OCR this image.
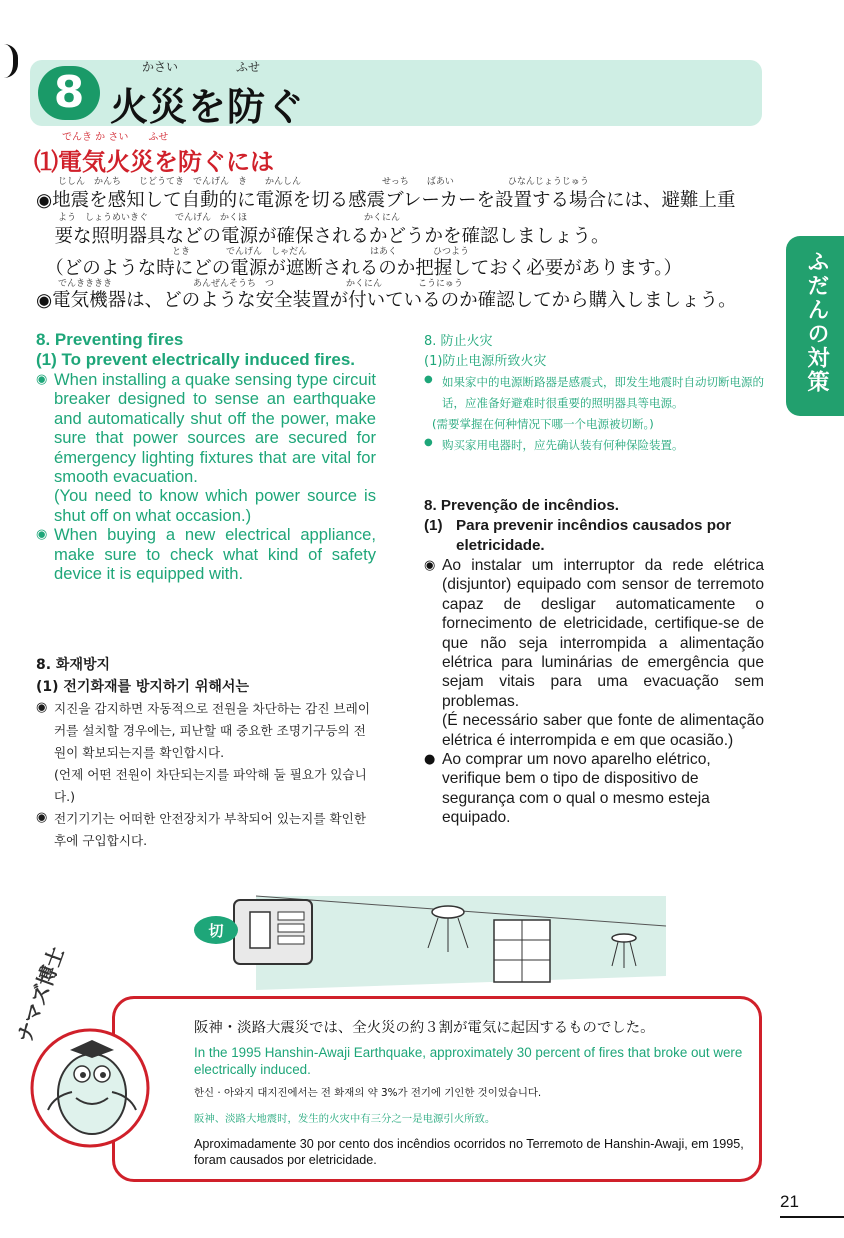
8	かさい	ふせ
火災を防ぐ
でんき か さい　　ふせ
⑴電気火災を防ぐには
じしん　かんち　　じどうてき　でんげん　き　　かんしん　　　　　　　　　せっち　　ばあい　　　　　　ひなんじょうじゅう
◉地震を感知して自動的に電源を切る感震ブレーカーを設置する場合には、避難上重
よう　しょうめいきぐ　　　でんげん　かくほ　　　　　　　　　　　　　かくにん
　要な照明器具などの電源が確保されるかどうかを確認しましょう。
とき　　　　でんげん　しゃだん　　　　　　　はあく　　　　ひつよう
　（どのような時にどの電源が遮断されるのか把握しておく必要があります。）
でんきききき　　　　　　　　　あんぜんそうち　つ　　　　　　　　かくにん　　　　こうにゅう
◉電気機器は、どのような安全装置が付いているのか確認してから購入しましょう。	ふだんの対策
8. Preventing fires
(1) To prevent electrically induced fires.
◉ When installing a quake sensing type circuit breaker designed to sense an earthquake and automatically shut off the power, make sure that power sources are secured for émergency lighting fixtures that are vital for smooth evacuation.
(You need to know which power source is shut off on what occasion.)
◉ When buying a new electrical appliance, make sure to check what kind of safety device it is equipped with.
8. 防止火灾
(1)防止电源所致火灾
● 如果家中的电源断路器是感震式，即发生地震时自动切断电源的话，应准备好避难时很重要的照明器具等电源。
(需要掌握在何种情况下哪一个电源被切断。)
● 购买家用电器时，应先确认装有何种保险装置。
8. Prevenção de incêndios.
(1) Para prevenir incêndios causados por eletricidade.
◉ Ao instalar um interruptor da rede elétrica (disjuntor) equipado com sensor de terremoto capaz de desligar automaticamente o fornecimento de eletricidade, certifique-se de que não seja interrompida a alimentação elétrica para luminárias de emergência que sejam vitais para uma evacuação sem problemas.
(É necessário saber que fonte de alimentação elétrica é interrompida e em que ocasião.)
● Ao comprar um novo aparelho elétrico, verifique bem o tipo de dispositivo de segurança com o qual o mesmo esteja equipado.
8. 화재방지
(1) 전기화재를 방지하기 위해서는
◉ 지진을 감지하면 자동적으로 전원을 차단하는 감진 브레이커를 설치할 경우에는, 피난할 때 중요한 조명기구등의 전원이 확보되는지를 확인합시다.
(언제 어떤 전원이 차단되는지를 파악해 둘 필요가 있습니다.)
◉ 전기기기는 어떠한 안전장치가 부착되어 있는지를 확인한 후에 구입합시다.
切
阪神・淡路大震災では、全火災の約３割が電気に起因するものでした。
In the 1995 Hanshin-Awaji Earthquake, approximately 30 percent of fires that broke out were electrically induced.
한신 · 아와지 대지진에서는 전 화재의 약 3%가 전기에 기인한 것이었습니다.
阪神、淡路大地震时，发生的火灾中有三分之一是电源引火所致。
Aproximadamente 30 por cento dos incêndios ocorridos no Terremoto de Hanshin-Awaji, em 1995, foram causados por eletricidade.
ナマズ博士
21
